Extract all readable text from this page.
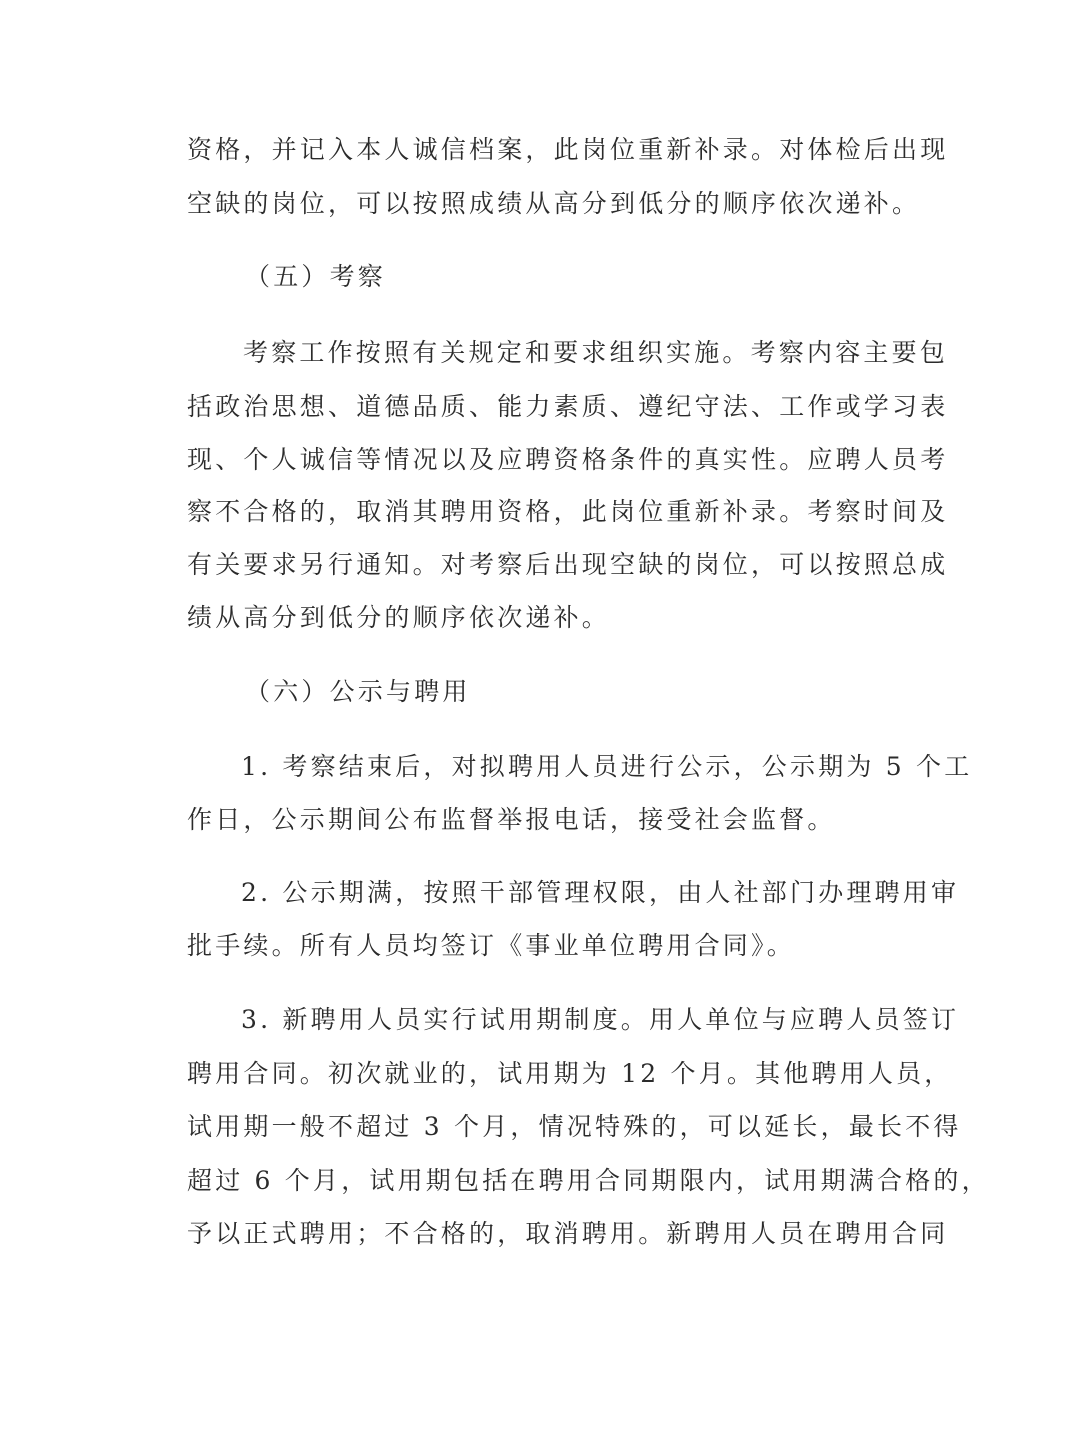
资格，并记入本人诚信档案，此岗位重新补录。对体检后出现
空缺的岗位，可以按照成绩从高分到低分的顺序依次递补。
（五）考察
考察工作按照有关规定和要求组织实施。考察内容主要包
括政治思想、道德品质、能力素质、遵纪守法、工作或学习表
现、个人诚信等情况以及应聘资格条件的真实性。应聘人员考
察不合格的，取消其聘用资格，此岗位重新补录。考察时间及
有关要求另行通知。对考察后出现空缺的岗位，可以按照总成
绩从高分到低分的顺序依次递补。
（六）公示与聘用
1. 考察结束后，对拟聘用人员进行公示，公示期为 5 个工
作日，公示期间公布监督举报电话，接受社会监督。
2. 公示期满，按照干部管理权限，由人社部门办理聘用审
批手续。所有人员均签订《事业单位聘用合同》。
3. 新聘用人员实行试用期制度。用人单位与应聘人员签订
聘用合同。初次就业的，试用期为 12 个月。其他聘用人员，
试用期一般不超过 3 个月，情况特殊的，可以延长，最长不得
超过 6 个月，试用期包括在聘用合同期限内，试用期满合格的，
予以正式聘用；不合格的，取消聘用。新聘用人员在聘用合同
